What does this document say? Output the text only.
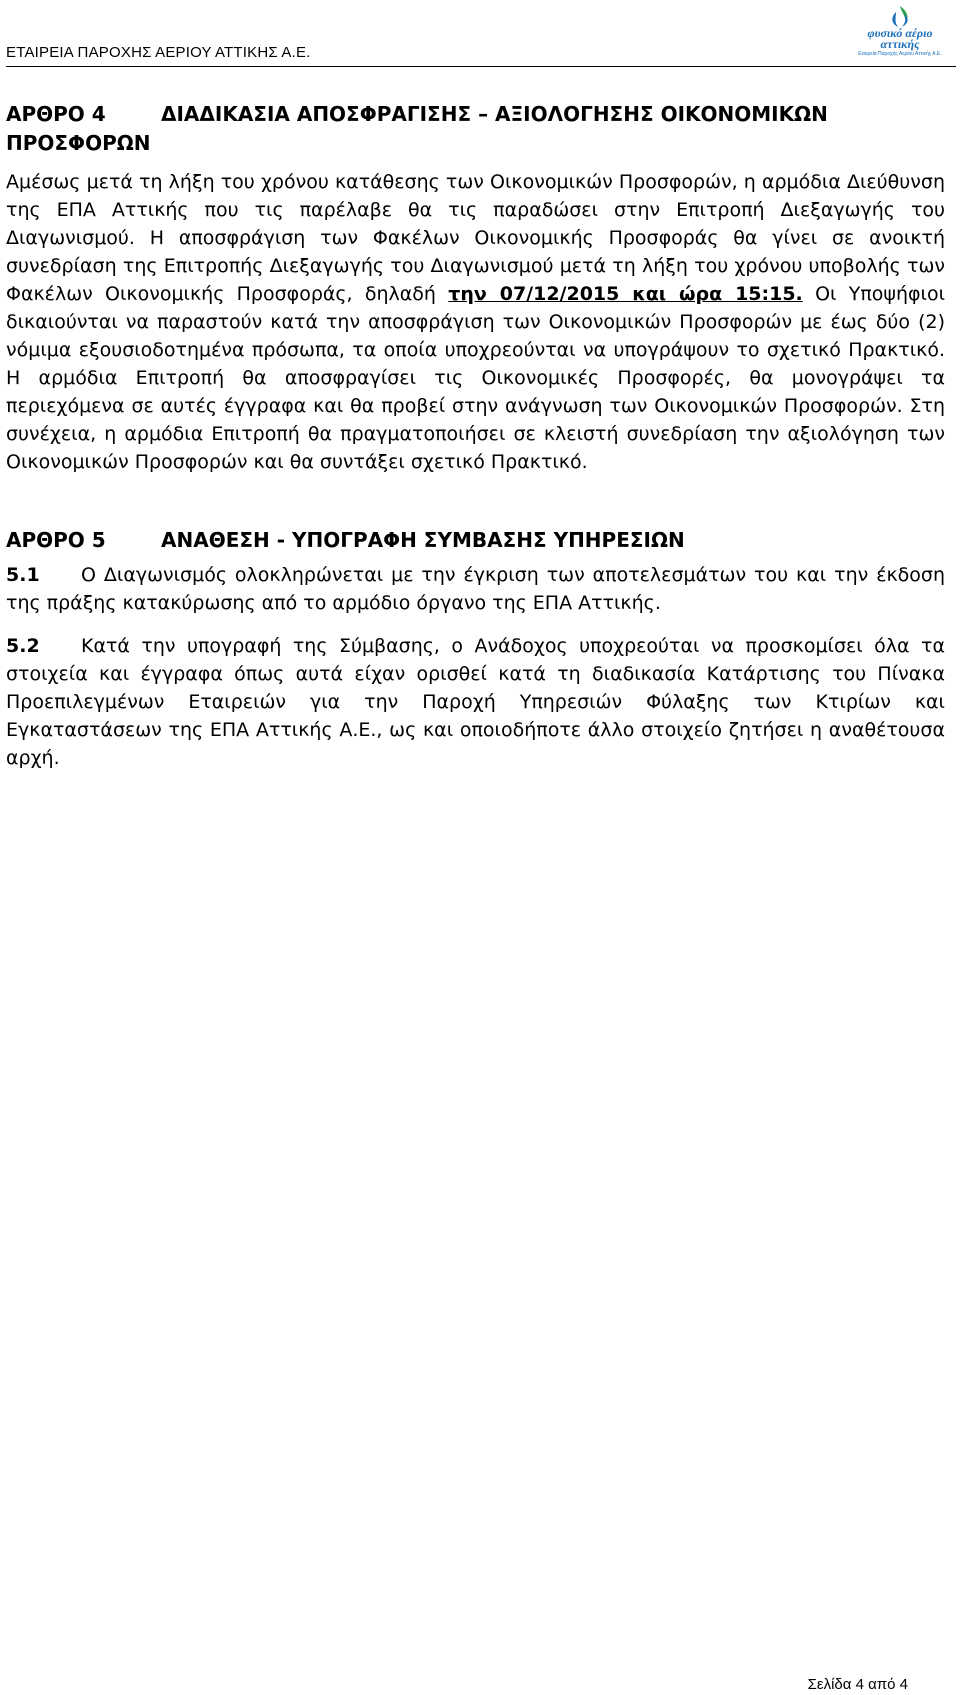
ΕΤΑΙΡΕΙΑ ΠΑΡΟΧΗΣ ΑΕΡΙΟΥ ΑΤΤΙΚΗΣ Α.Ε.
φυσικό αέριο
αττικής
Εταιρεία Παροχής Αερίου Αττικής Α.Ε.
ΑΡΘΡΟ 4	ΔΙΑΔΙΚΑΣΙΑ ΑΠΟΣΦΡΑΓΙΣΗΣ – ΑΞΙΟΛΟΓΗΣΗΣ ΟΙΚΟΝΟΜΙΚΩΝ ΠΡΟΣΦΟΡΩΝ

Αμέσως μετά τη λήξη του χρόνου κατάθεσης των Οικονομικών Προσφορών, η αρμόδια Διεύθυνση της ΕΠΑ Αττικής που τις παρέλαβε θα τις παραδώσει στην Επιτροπή Διεξαγωγής του Διαγωνισμού. Η αποσφράγιση των Φακέλων Οικονομικής Προσφοράς θα γίνει σε ανοικτή συνεδρίαση της Επιτροπής Διεξαγωγής του Διαγωνισμού μετά τη λήξη του χρόνου υποβολής των Φακέλων Οικονομικής Προσφοράς, δηλαδή την 07/12/2015 και ώρα 15:15. Οι Υποψήφιοι δικαιούνται να παραστούν κατά την αποσφράγιση των Οικονομικών Προσφορών με έως δύο (2) νόμιμα εξουσιοδοτημένα πρόσωπα, τα οποία υποχρεούνται να υπογράψουν το σχετικό Πρακτικό. Η αρμόδια Επιτροπή θα αποσφραγίσει τις Οικονομικές Προσφορές, θα μονογράψει τα περιεχόμενα σε αυτές έγγραφα και θα προβεί στην ανάγνωση των Οικονομικών Προσφορών. Στη συνέχεια, η αρμόδια Επιτροπή θα πραγματοποιήσει σε κλειστή συνεδρίαση την αξιολόγηση των Οικονομικών Προσφορών και θα συντάξει σχετικό Πρακτικό.

ΑΡΘΡΟ 5	ΑΝΑΘΕΣΗ - ΥΠΟΓΡΑΦΗ ΣΥΜΒΑΣΗΣ ΥΠΗΡΕΣΙΩΝ

5.1 Ο Διαγωνισμός ολοκληρώνεται με την έγκριση των αποτελεσμάτων του και την έκδοση της πράξης κατακύρωσης από το αρμόδιο όργανο της ΕΠΑ Αττικής.

5.2 Κατά την υπογραφή της Σύμβασης, ο Ανάδοχος υποχρεούται να προσκομίσει όλα τα στοιχεία και έγγραφα όπως αυτά είχαν ορισθεί κατά τη διαδικασία Κατάρτισης του Πίνακα Προεπιλεγμένων Εταιρειών για την Παροχή Υπηρεσιών Φύλαξης των Κτιρίων και Εγκαταστάσεων της ΕΠΑ Αττικής Α.Ε., ως και οποιοδήποτε άλλο στοιχείο ζητήσει η αναθέτουσα αρχή.

Σελίδα 4 από 4
